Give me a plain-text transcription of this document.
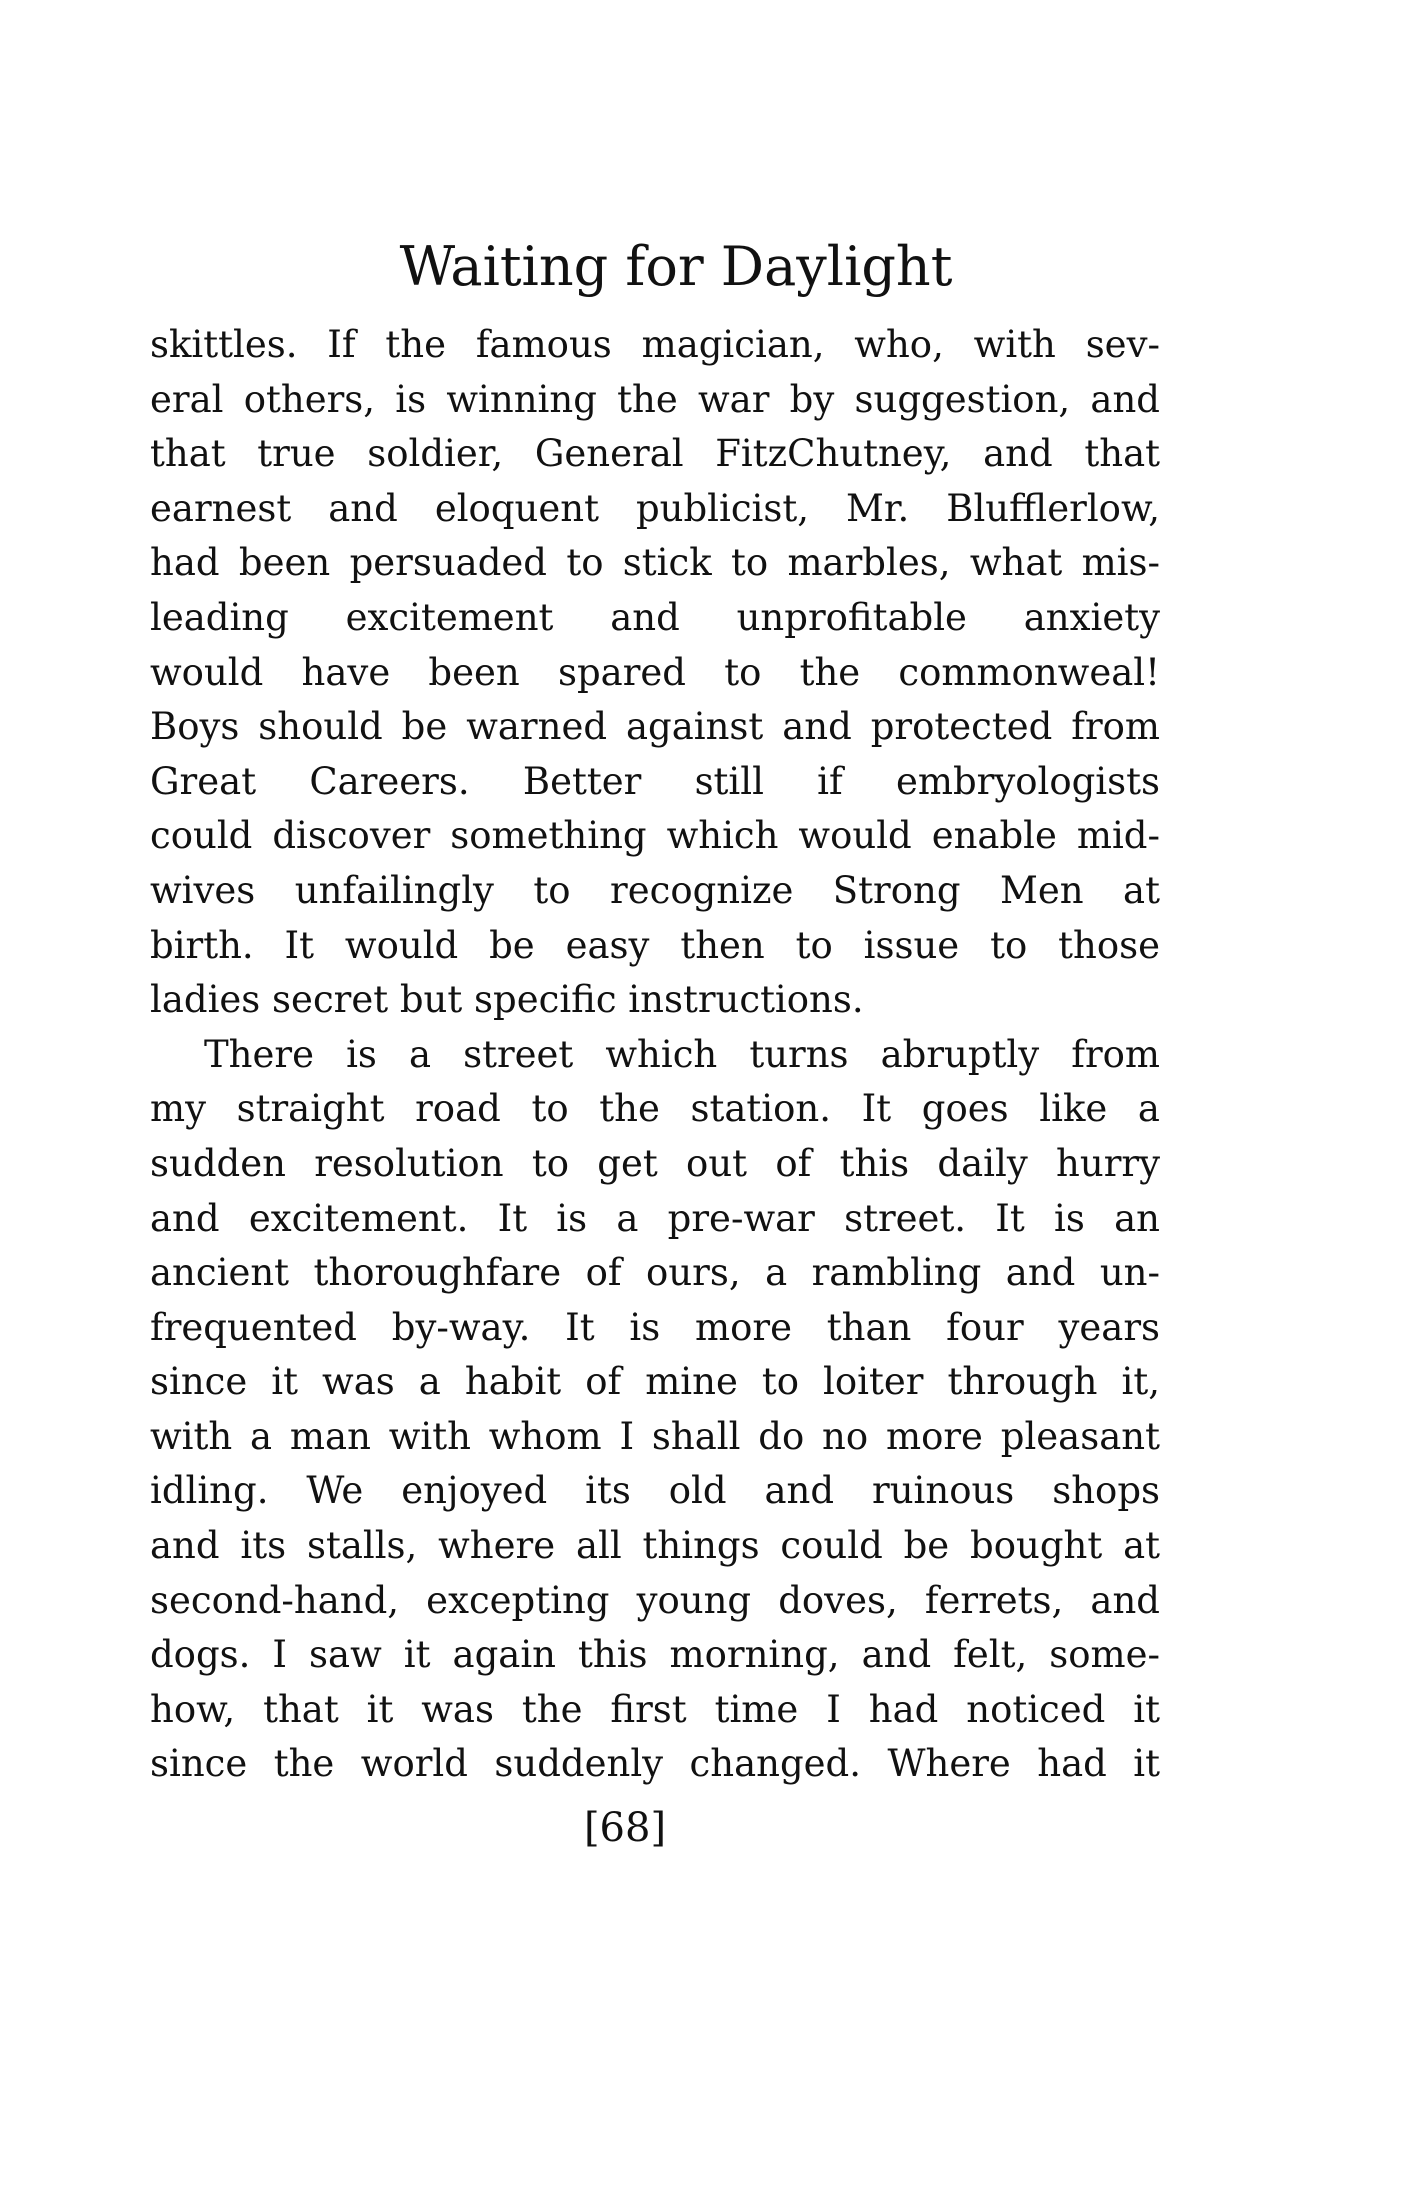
Waiting for Daylight
skittles. If the famous magician, who, with sev-
eral others, is winning the war by suggestion, and
that true soldier, General FitzChutney, and that
earnest and eloquent publicist, Mr. Blufflerlow,
had been persuaded to stick to marbles, what mis-
leading excitement and unprofitable anxiety
would have been spared to the commonweal!
Boys should be warned against and protected from
Great Careers. Better still if embryologists
could discover something which would enable mid-
wives unfailingly to recognize Strong Men at
birth. It would be easy then to issue to those
ladies secret but specific instructions.
There is a street which turns abruptly from
my straight road to the station. It goes like a
sudden resolution to get out of this daily hurry
and excitement. It is a pre-war street. It is an
ancient thoroughfare of ours, a rambling and un-
frequented by-way. It is more than four years
since it was a habit of mine to loiter through it,
with a man with whom I shall do no more pleasant
idling. We enjoyed its old and ruinous shops
and its stalls, where all things could be bought at
second-hand, excepting young doves, ferrets, and
dogs. I saw it again this morning, and felt, some-
how, that it was the first time I had noticed it
since the world suddenly changed. Where had it
[68]
